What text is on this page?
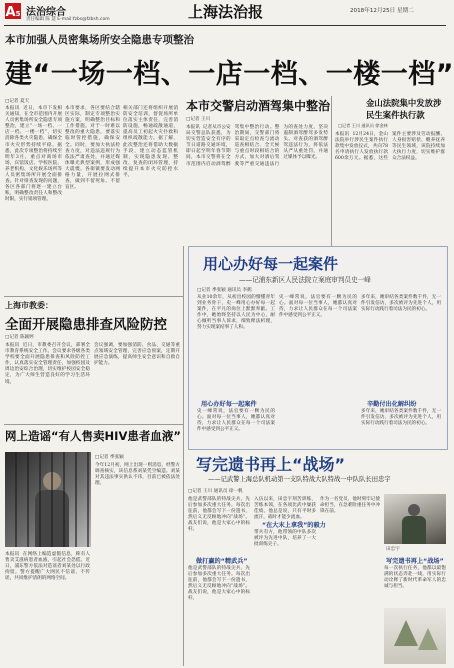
A5 法治综合
责任编辑 陈 慧 E-mail:fzbs@fzbsh.com	上海法治报	2018年12月25日 星期二
本市加强人员密集场所安全隐患专项整治
建“一场一档、一店一档、一楼一档”
□记者 夏天
本报讯  近日，本市下发相关通知，在全市范围内开展人员密集场所安全隐患专项整治，建立“一场一档、一店一档、一楼一档”，切实消除各类火灾隐患，确保全市火灾形势持续平稳。据悉，此次专项整治将持续至明年3月，重点对商场市场、宾馆饭店、学校医院、养老机构、文化娱乐场所等人员密集场所开展全面排查。针对排查发现的问题，各区各部门将逐一建立台账，明确整改责任人和整改时限，实行销项管理。
本市要求，各区要结合辖区实际，制定专项整治实施方案，明确整治目标和工作措施。对于一时难以整改的重大隐患，要落实临时管控措施，确保安全。同时，要加大执法检查力度，对违法违规行为依法严肃查处，并通过媒体曝光典型案例，形成强大震慑。各街镇要发动网格力量，开展拉网式排查，做到不留死角、不留盲区。
相关部门还将组织开展消防安全培训，督促场所单位落实主体责任，完善消防设施，畅通疏散通道，提高员工初起火灾扑救和组织疏散能力。据了解，此次整治还将借助大数据手段，建立动态监管机制，实现隐患发现、整改、复查的闭环管理，持续提升本市火灾防控水平。
本市交警启动酒驾集中整治
□记者 王川
本报讯  记者从市公安局交警总队获悉，为切实营造安全有序的节日道路交通环境，即日起至明年春节期间，本市交警将在全市范围内启动酒驾醉驾集中整治行动。整治期间，交警部门将采取定点检查与流动巡查相结合、全天候与重点时段相结合的方式，加大对酒后驾驶等严重交通违法行为的查处力度，坚决遏制酒驾醉驾多发势头。对查获的酒驾醉驾违法行为，将依法从严从重处罚，并通过媒体予以曝光。
金山法院集中发放涉民生案件执行款
□记者 王川 通讯员 徐金林
本报讯  12月24日，金山法院举行涉民生案件执行款集中发放仪式，共向78名申请执行人发放执行款600余万元。据悉，这些案件主要涉及劳动报酬、人身损害赔偿、赡养抚养等民生领域，该院持续加大执行力度，切实维护群众合法权益。
上海市教委：
全面开展隐患排查风险防控
□记者 陈颖婷
本报讯  近日，市教委召开会议，部署全市教育系统安全工作。会议要求各级各类学校要全面开展隐患排查和风险防控工作，认真落实安全管理责任，加强校园及周边治安综合治理，切实维护校园安全稳定，为广大师生营造良好的学习生活环境。
会议强调，要加强消防、食品、交通等重点领域安全管理，完善应急预案，定期开展应急演练，提高师生安全意识和自救自护能力。
网上造谣“有人售卖HIV患者血液”
□记者 季张颖
今年12月初，网上出现一则消息，经警方调查核实，该信息系刘某凭空编造。刘某对其违法事实供认不讳，目前已被依法处理。
本报讯  在网络上编造虚假信息，称有人售卖艾滋病患者血液，引起社会恐慌。近日，浦东警方依法对造谣者刘某处以行政拘留。警方提醒广大网民不信谣、不传谣，共同维护清朗的网络空间。
用心办好每一起案件
——记浦东新区人民法院立案庭审判员史一峰
□记者 季张颖 通讯员 李鹤
从业10余年，从初出校园的懵懂青年到业务骨干，史一峰用心办好每一起案件，在平凡的岗位上默默奉献。工作中，她始终坚持以人民为中心，耐心倾听当事人诉求，细致释法析理，努力实现案结事了人和。
用心办好每一起案件
史一峰常说，法官要有一颗为民的心。面对每一位当事人，她都认真对待，力求让人民群众在每一个司法案件中感受到公平正义。
史一峰常说，法官要有一颗为民的心。面对每一位当事人，她都认真对待，力求让人民群众在每一个司法案件中感受到公平正义。
多年来，她审结各类案件数千件，无一件引发信访，多次被评为先进个人，用实际行动践行着司法为民的初心。
辛勤付出化解纠纷
多年来，她审结各类案件数千件，无一件引发信访，多次被评为先进个人，用实际行动践行着司法为民的初心。
写完遗书再上“战场”
——记武警上海总队机动第一支队特战大队特战一中队队长田忠宇
□记者 王川 通讯员 徐一帆
他是武警部队的特战尖兵，先后参加多次重大任务。每次出征前，他都会写下一份遗书，然后义无反顾地冲向“战场”。战友们说，他是大家心中的标杆。
做打赢的“精武兵”
他是武警部队的特战尖兵，先后参加多次重大任务。每次出征前，他都会写下一份遗书，然后义无反顾地冲向“战场”。战友们说，他是大家心中的标杆。
入伍以来，田忠宇刻苦训练，苦练本领，在各项比武中屡获佳绩。他总是说，只有平时多流汗，战时才能少流血。
“在大末上拿我”的毅力
带兵有方，他带领的中队多次被评为先进中队，培养了一大批训练尖子。
作为一名党员，他时刻牢记使命担当，在急难险重任务中冲锋在前。
田忠宇
写完遗书再上“战场”
每一次执行任务，他都以最饱满的状态奔赴一线，用实际行动诠释了新时代革命军人的忠诚与担当。
